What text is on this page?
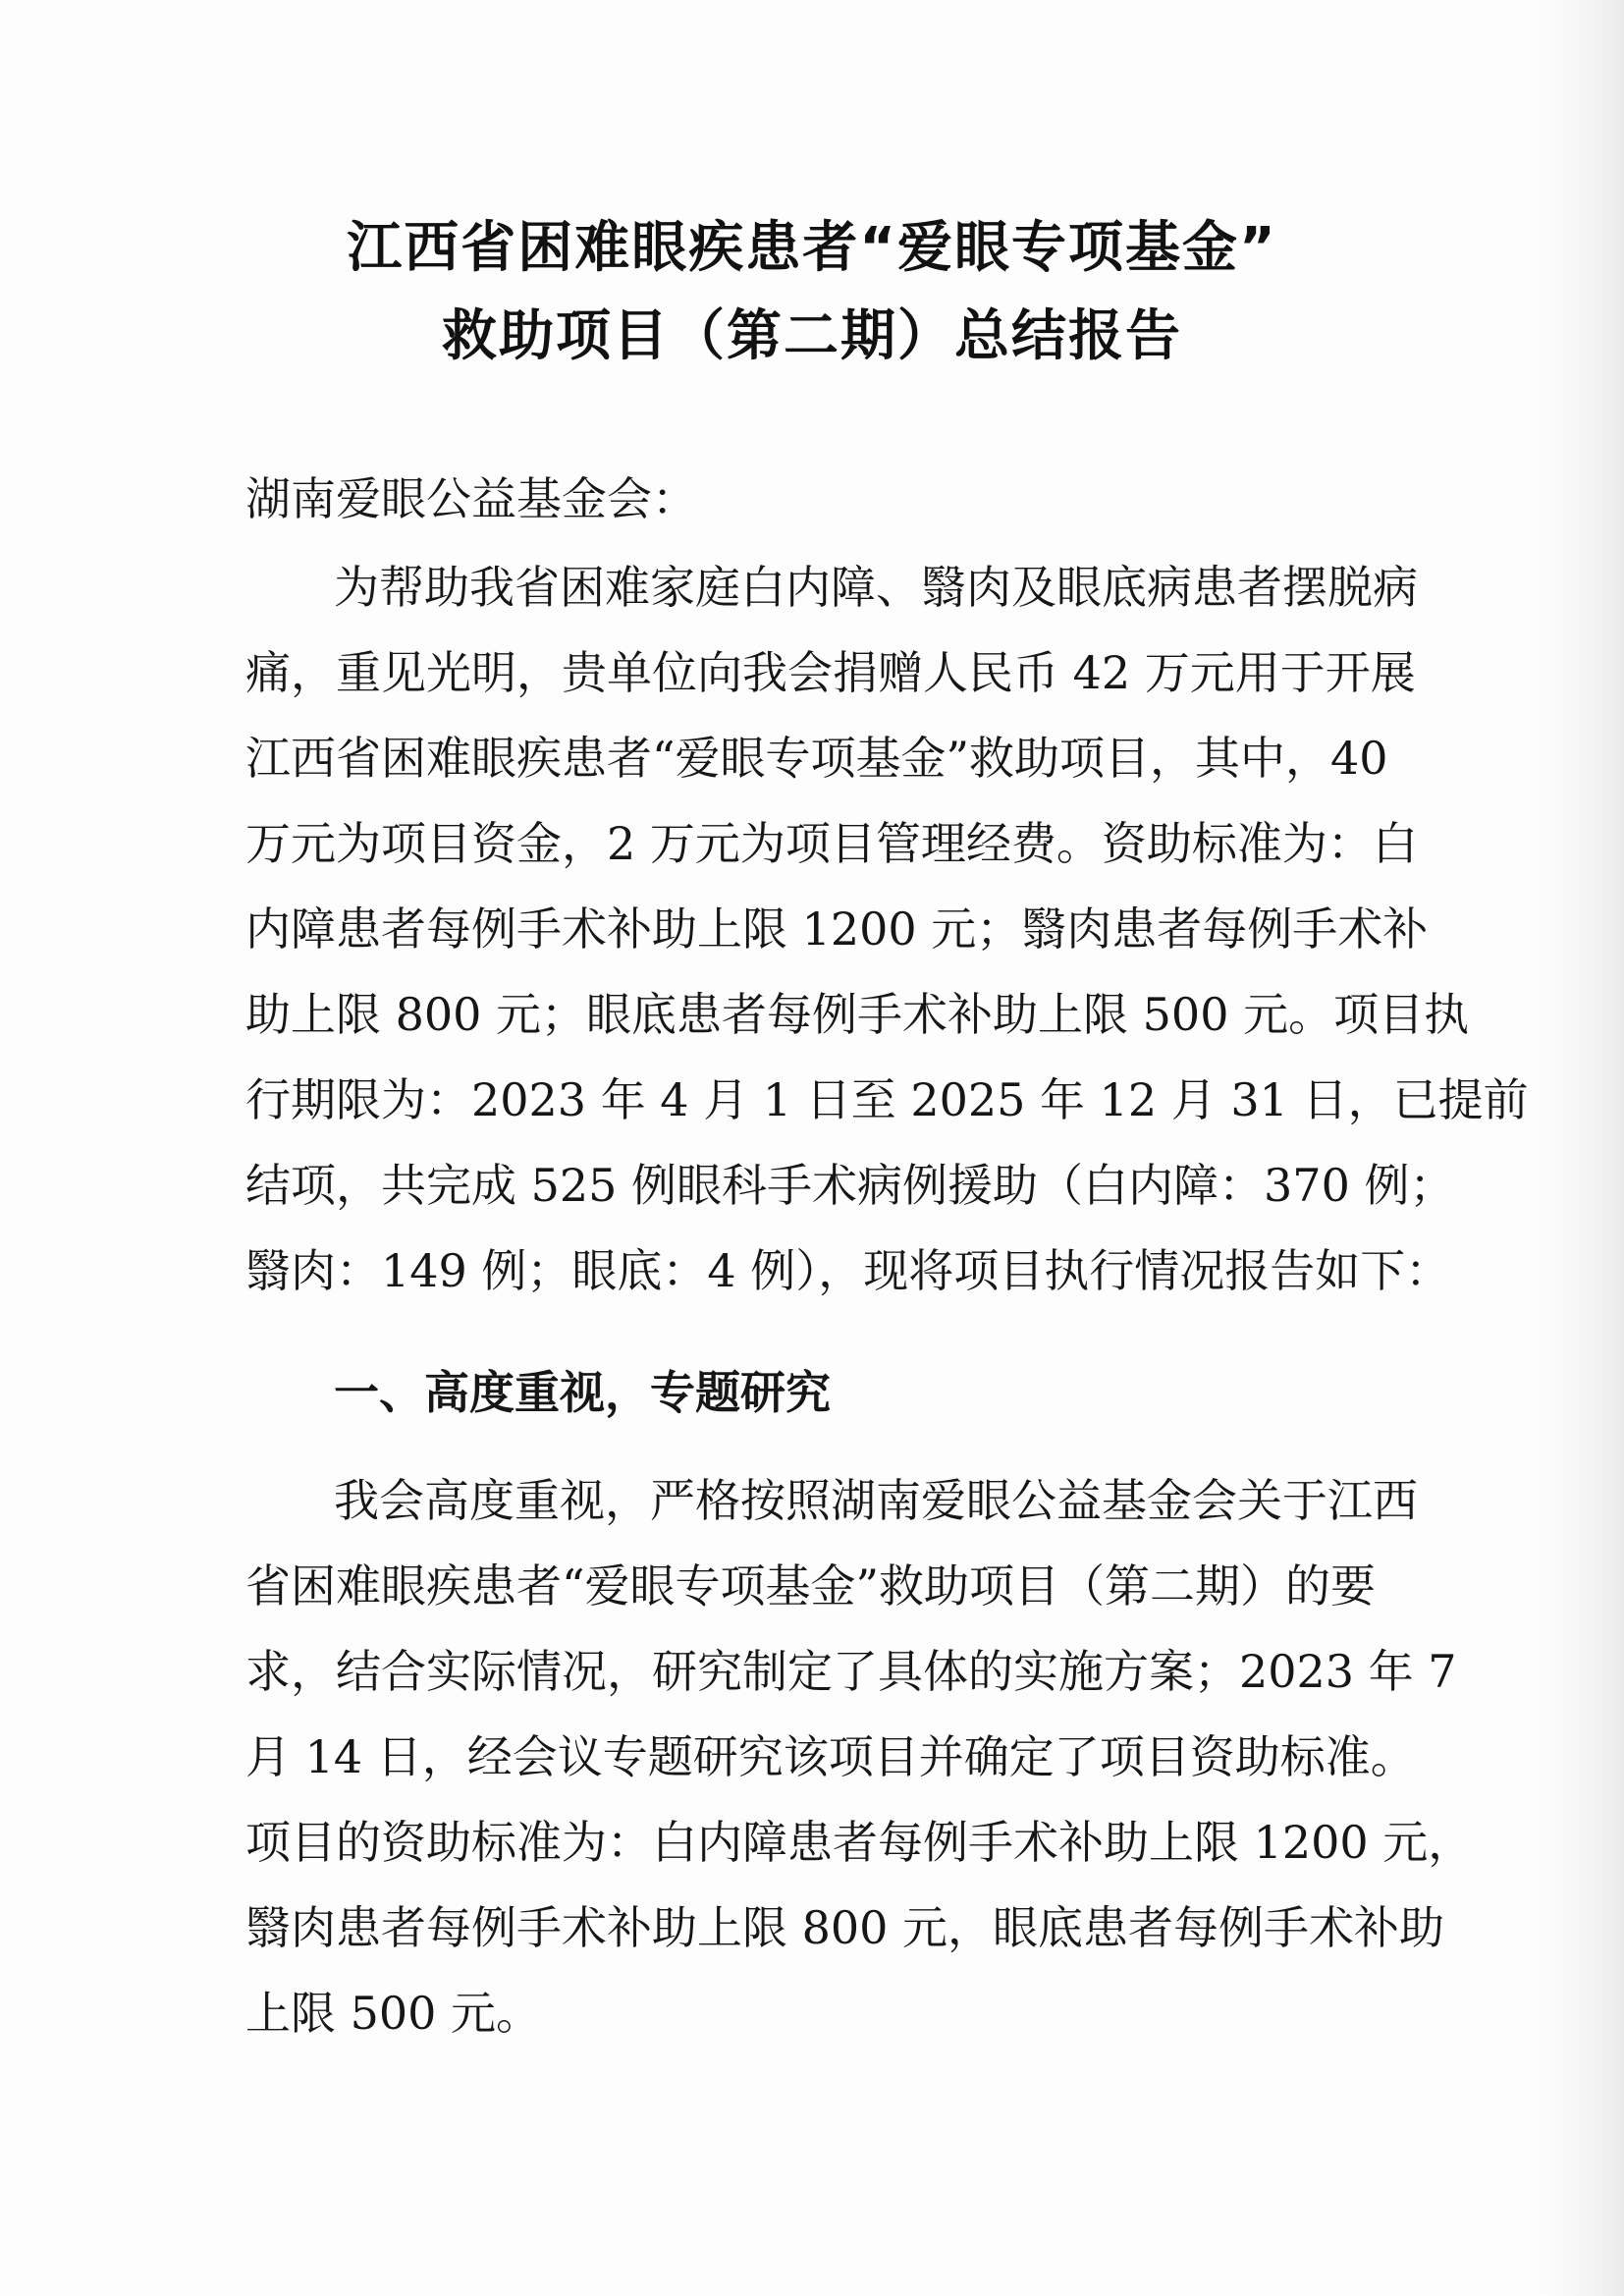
江西省困难眼疾患者“爱眼专项基金”
救助项目（第二期）总结报告
湖南爱眼公益基金会：
为帮助我省困难家庭白内障、翳肉及眼底病患者摆脱病
痛，重见光明，贵单位向我会捐赠人民币 42 万元用于开展
江西省困难眼疾患者“爱眼专项基金”救助项目，其中，40
万元为项目资金，2 万元为项目管理经费。资助标准为：白
内障患者每例手术补助上限 1200 元；翳肉患者每例手术补
助上限 800 元；眼底患者每例手术补助上限 500 元。项目执
行期限为：2023 年 4 月 1 日至 2025 年 12 月 31 日，已提前
结项，共完成 525 例眼科手术病例援助（白内障：370 例；
翳肉：149 例；眼底：4 例），现将项目执行情况报告如下：
一、高度重视，专题研究
我会高度重视，严格按照湖南爱眼公益基金会关于江西
省困难眼疾患者“爱眼专项基金”救助项目（第二期）的要
求，结合实际情况，研究制定了具体的实施方案；2023 年 7
月 14 日，经会议专题研究该项目并确定了项目资助标准。
项目的资助标准为：白内障患者每例手术补助上限 1200 元，
翳肉患者每例手术补助上限 800 元，眼底患者每例手术补助
上限 500 元。
